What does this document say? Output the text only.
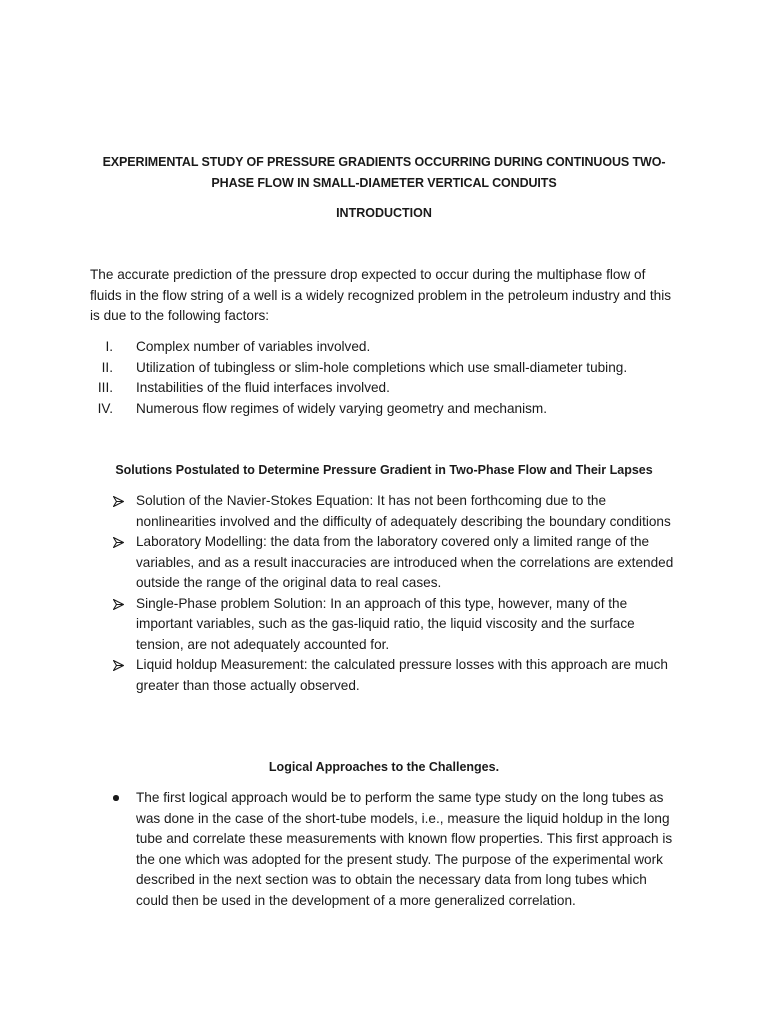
EXPERIMENTAL STUDY OF PRESSURE GRADIENTS OCCURRING DURING CONTINUOUS TWO-PHASE FLOW IN SMALL-DIAMETER VERTICAL CONDUITS
INTRODUCTION
The accurate prediction of the pressure drop expected to occur during the multiphase flow of fluids in the flow string of a well is a widely recognized problem in the petroleum industry and this is due to the following factors:
I. Complex number of variables involved.
II. Utilization of tubingless or slim-hole completions which use small-diameter tubing.
III. Instabilities of the fluid interfaces involved.
IV. Numerous flow regimes of widely varying geometry and mechanism.
Solutions Postulated to Determine Pressure Gradient in Two-Phase Flow and Their Lapses
Solution of the Navier-Stokes Equation: It has not been forthcoming due to the nonlinearities involved and the difficulty of adequately describing the boundary conditions
Laboratory Modelling: the data from the laboratory covered only a limited range of the variables, and as a result inaccuracies are introduced when the correlations are extended outside the range of the original data to real cases.
Single-Phase problem Solution: In an approach of this type, however, many of the important variables, such as the gas-liquid ratio, the liquid viscosity and the surface tension, are not adequately accounted for.
Liquid holdup Measurement: the calculated pressure losses with this approach are much greater than those actually observed.
Logical Approaches to the Challenges.
The first logical approach would be to perform the same type study on the long tubes as was done in the case of the short-tube models, i.e., measure the liquid holdup in the long tube and correlate these measurements with known flow properties. This first approach is the one which was adopted for the present study. The purpose of the experimental work described in the next section was to obtain the necessary data from long tubes which could then be used in the development of a more generalized correlation.
